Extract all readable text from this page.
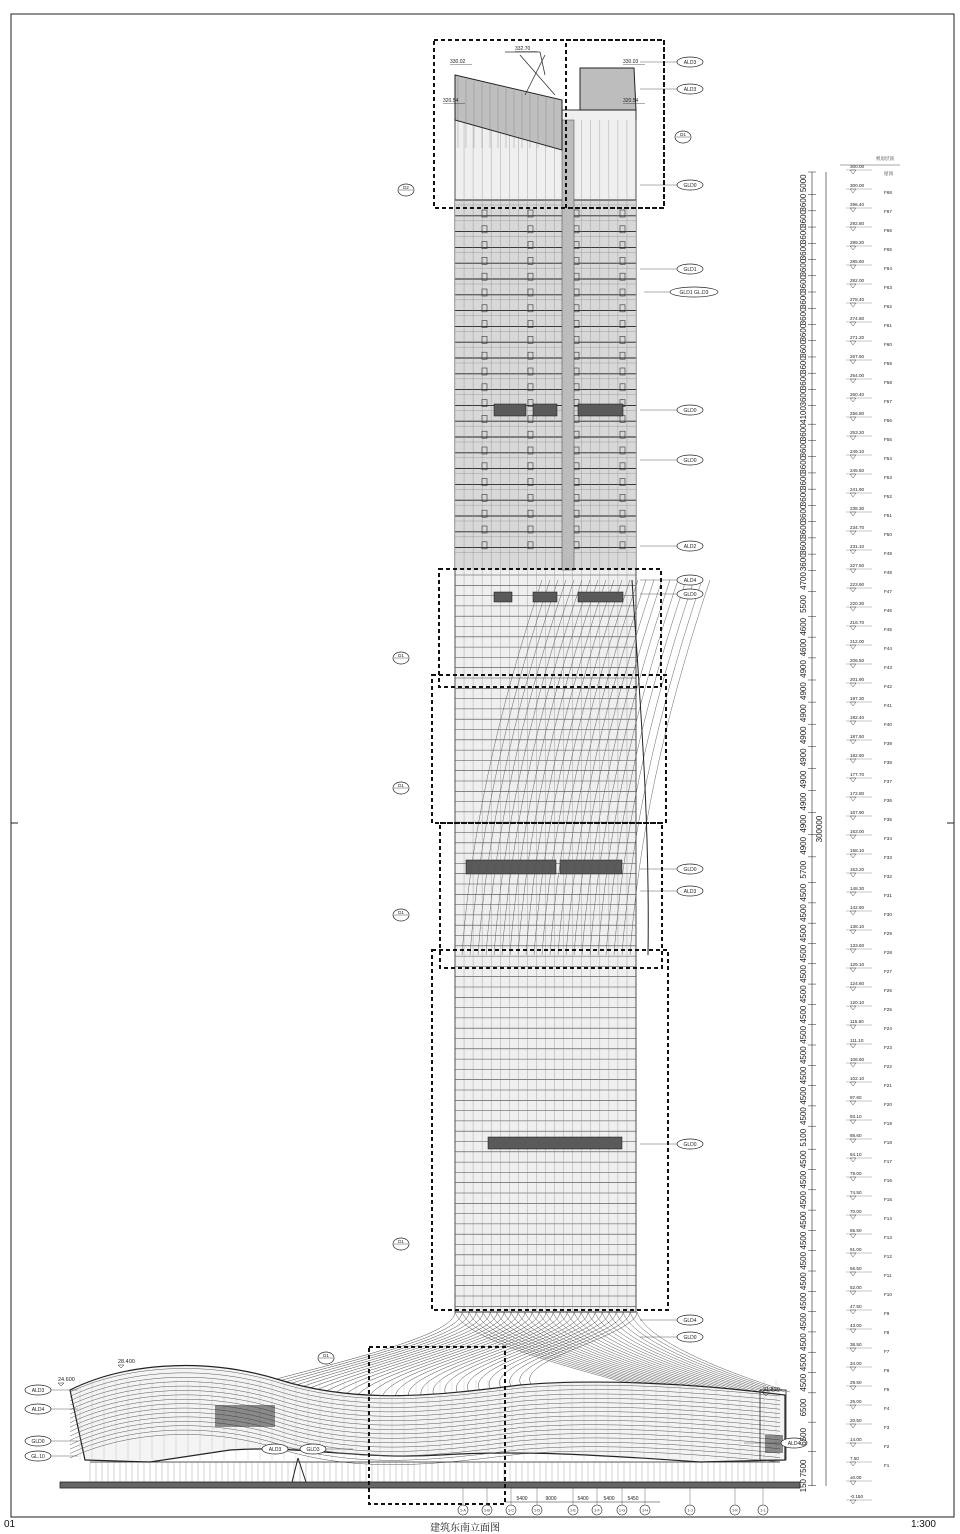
ALD3
ALD3
GLD0
GLD1
GLD1 GL.D3
GLD0
GLD0
ALD2
ALD4
GLD0
GLD0
ALD3
GLD0
GLD4
GLD0
ALD3
ALD4
GLD0
GL.10
ALD3	GLD3
ALD4
D2
D1
D1
D1
D1
D1
D1
332.70
330.02	330.03
320.54	320.54
24.600
28.400
21.820
5000
3600
3600
3600
3600
3600
3600
3600
3600
3600
3600
3600
3600
3600
4100
3600
3600
3600
3600
3600
3600
3600
3600
3600
4700
5500
4600
4600
4900
4900
4900
4900
4900
4900
4900
4900
4900
5700
4500
4500
4500
4500
4500
4500
4500
4500
4500
4500
4500
4500
5100
4500
4500
4500
4500
4500
4500
4500
4500
4500
4500
4500
4500
6500
6500
7500
150
300000
机房层顶
300.00
屋顶
300.00
F68
296.40
F67
292.80
F66
289.20
F65
285.60
F64
282.00
F63
278.40
F62
274.80
F61
271.20
F60
267.60
F59
264.00
F58
260.40
F57
256.80
F56
253.20
F55
249.10
F54
245.50
F53
241.90
F52
238.30
F51
234.70
F50
231.10
F49
227.50
F48
223.90
F47
220.30
F46
216.70
F45
212.00
F44
206.50
F43
201.90
F42
197.30
F41
192.40
F40
187.50
F39
182.60
F38
177.70
F37
172.80
F36
167.90
F35
163.00
F34
158.10
F33
153.20
F32
148.30
F31
142.60
F30
138.10
F29
133.60
F28
129.10
F27
124.60
F26
120.10
F25
115.60
F24
111.10
F23
106.60
F22
102.10
F21
97.60
F20
93.10
F19
88.60
F18
84.10
F17
79.00
F16
74.50
F15
70.00
F14
65.50
F13
61.00
F12
56.50
F11
52.00
F10
47.50
F9
43.00
F8
38.50
F7
34.00
F6
29.50
F5
25.00
F4
20.50
F3
14.00
F2
7.50
F1
±0.00
-0.150
5400	9000	5400	5400	5450
1-A	1-B	1-C	1-D	1-E	1-F	1-G	1-H	1-J	1-K	1-L
01	建筑东南立面图	1:300
